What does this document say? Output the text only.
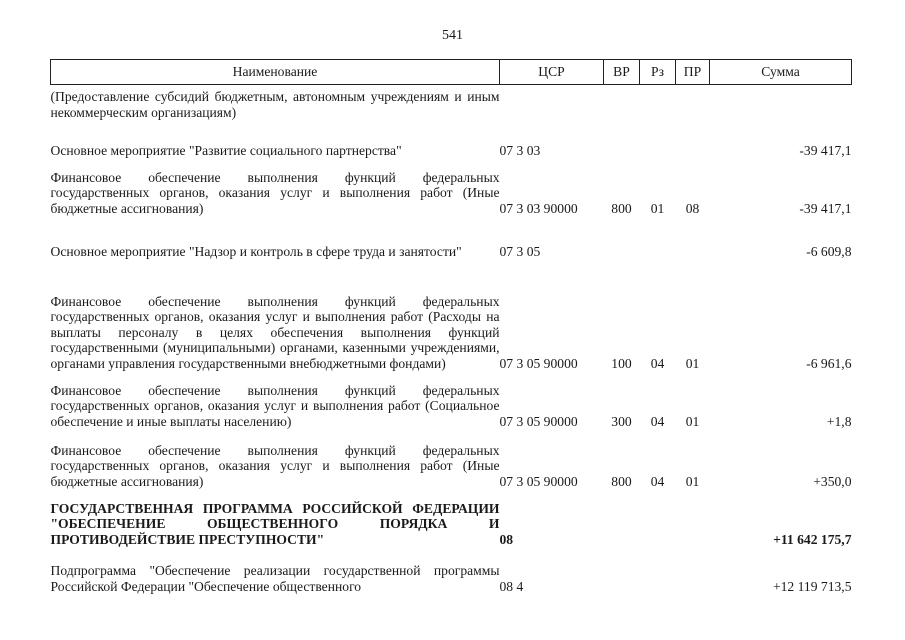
541
Наименование	ЦСР	ВР	Рз	ПР	Сумма
(Предоставление субсидий бюджетным, автономным учреждениям и иным некоммерческим организациям)					
Основное мероприятие "Развитие социального партнерства"	07 3 03				-39 417,1
Финансовое обеспечение выполнения функций федеральных государственных органов, оказания услуг и выполнения работ (Иные бюджетные ассигнования)	07 3 03 90000	800	01	08	-39 417,1
Основное мероприятие "Надзор и контроль в сфере труда и занятости"	07 3 05				-6 609,8
Финансовое обеспечение выполнения функций федеральных государственных органов, оказания услуг и выполнения работ (Расходы на выплаты персоналу в целях обеспечения выполнения функций государственными (муниципальными) органами, казенными учреждениями, органами управления государственными внебюджетными фондами)	07 3 05 90000	100	04	01	-6 961,6
Финансовое обеспечение выполнения функций федеральных государственных органов, оказания услуг и выполнения работ (Социальное обеспечение и иные выплаты населению)	07 3 05 90000	300	04	01	+1,8
Финансовое обеспечение выполнения функций федеральных государственных органов, оказания услуг и выполнения работ (Иные бюджетные ассигнования)	07 3 05 90000	800	04	01	+350,0
ГОСУДАРСТВЕННАЯ ПРОГРАММА РОССИЙСКОЙ ФЕДЕРАЦИИ "ОБЕСПЕЧЕНИЕ ОБЩЕСТВЕННОГО ПОРЯДКА И ПРОТИВОДЕЙСТВИЕ ПРЕСТУПНОСТИ"	08				+11 642 175,7
Подпрограмма "Обеспечение реализации государственной программы Российской Федерации "Обеспечение общественного	08 4				+12 119 713,5
